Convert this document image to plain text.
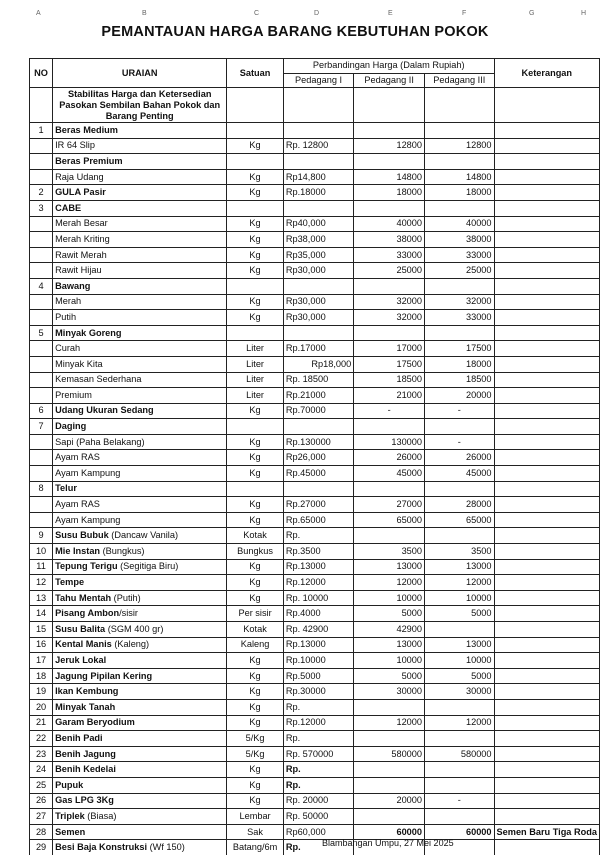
A	B	C	D	E	F	G	H
PEMANTAUAN HARGA BARANG KEBUTUHAN POKOK
NO	URAIAN	Satuan	Perbandingan Harga (Dalam Rupiah)			Keterangan
			Pedagang I	Pedagang II	Pedagang III	
	Stabilitas Harga dan Ketersedian Pasokan Sembilan Bahan Pokok dan Barang Penting					
1	Beras Medium					
	IR 64 Slip	Kg	Rp. 12800	12800	12800	
	Beras Premium					
	Raja Udang	Kg	Rp14,800	14800	14800	
2	GULA Pasir	Kg	Rp.18000	18000	18000	
3	CABE					
	Merah Besar	Kg	Rp40,000	40000	40000	
	Merah Kriting	Kg	Rp38,000	38000	38000	
	Rawit Merah	Kg	Rp35,000	33000	33000	
	Rawit Hijau	Kg	Rp30,000	25000	25000	
4	Bawang					
	Merah	Kg	Rp30,000	32000	32000	
	Putih	Kg	Rp30,000	32000	33000	
5	Minyak Goreng					
	Curah	Liter	Rp.17000	17000	17500	
	Minyak Kita	Liter	Rp18,000	17500	18000	
	Kemasan Sederhana	Liter	Rp. 18500	18500	18500	
	Premium	Liter	Rp.21000	21000	20000	
6	Udang Ukuran Sedang	Kg	Rp.70000	-	-	
7	Daging					
	Sapi (Paha Belakang)	Kg	Rp.130000	130000	-	
	Ayam RAS	Kg	Rp26,000	26000	26000	
	Ayam Kampung	Kg	Rp.45000	45000	45000	
8	Telur					
	Ayam RAS	Kg	Rp.27000	27000	28000	
	Ayam Kampung	Kg	Rp.65000	65000	65000	
9	Susu Bubuk (Dancaw Vanila)	Kotak	Rp.			
10	Mie Instan (Bungkus)	Bungkus	Rp.3500	3500	3500	
11	Tepung Terigu (Segitiga Biru)	Kg	Rp.13000	13000	13000	
12	Tempe	Kg	Rp.12000	12000	12000	
13	Tahu Mentah (Putih)	Kg	Rp. 10000	10000	10000	
14	Pisang Ambon/sisir	Per sisir	Rp.4000	5000	5000	
15	Susu Balita (SGM 400 gr)	Kotak	Rp. 42900	42900		
16	Kental Manis (Kaleng)	Kaleng	Rp.13000	13000	13000	
17	Jeruk Lokal	Kg	Rp.10000	10000	10000	
18	Jagung Pipilan Kering	Kg	Rp.5000	5000	5000	
19	Ikan Kembung	Kg	Rp.30000	30000	30000	
20	Minyak Tanah	Kg	Rp.			
21	Garam Beryodium	Kg	Rp.12000	12000	12000	
22	Benih Padi	5/Kg	Rp.			
23	Benih Jagung	5/Kg	Rp. 570000	580000	580000	
24	Benih Kedelai	Kg	Rp.			
25	Pupuk	Kg	Rp.			
26	Gas LPG 3Kg	Kg	Rp. 20000	20000	-	
27	Triplek (Biasa)	Lembar	Rp. 50000			
28	Semen	Sak	Rp60,000	60000	60000	Semen Baru Tiga Roda
29	Besi Baja Konstruksi (Wf 150)	Batang/6m	Rp.			Blambangan Umpu, 27 Mei 2025
